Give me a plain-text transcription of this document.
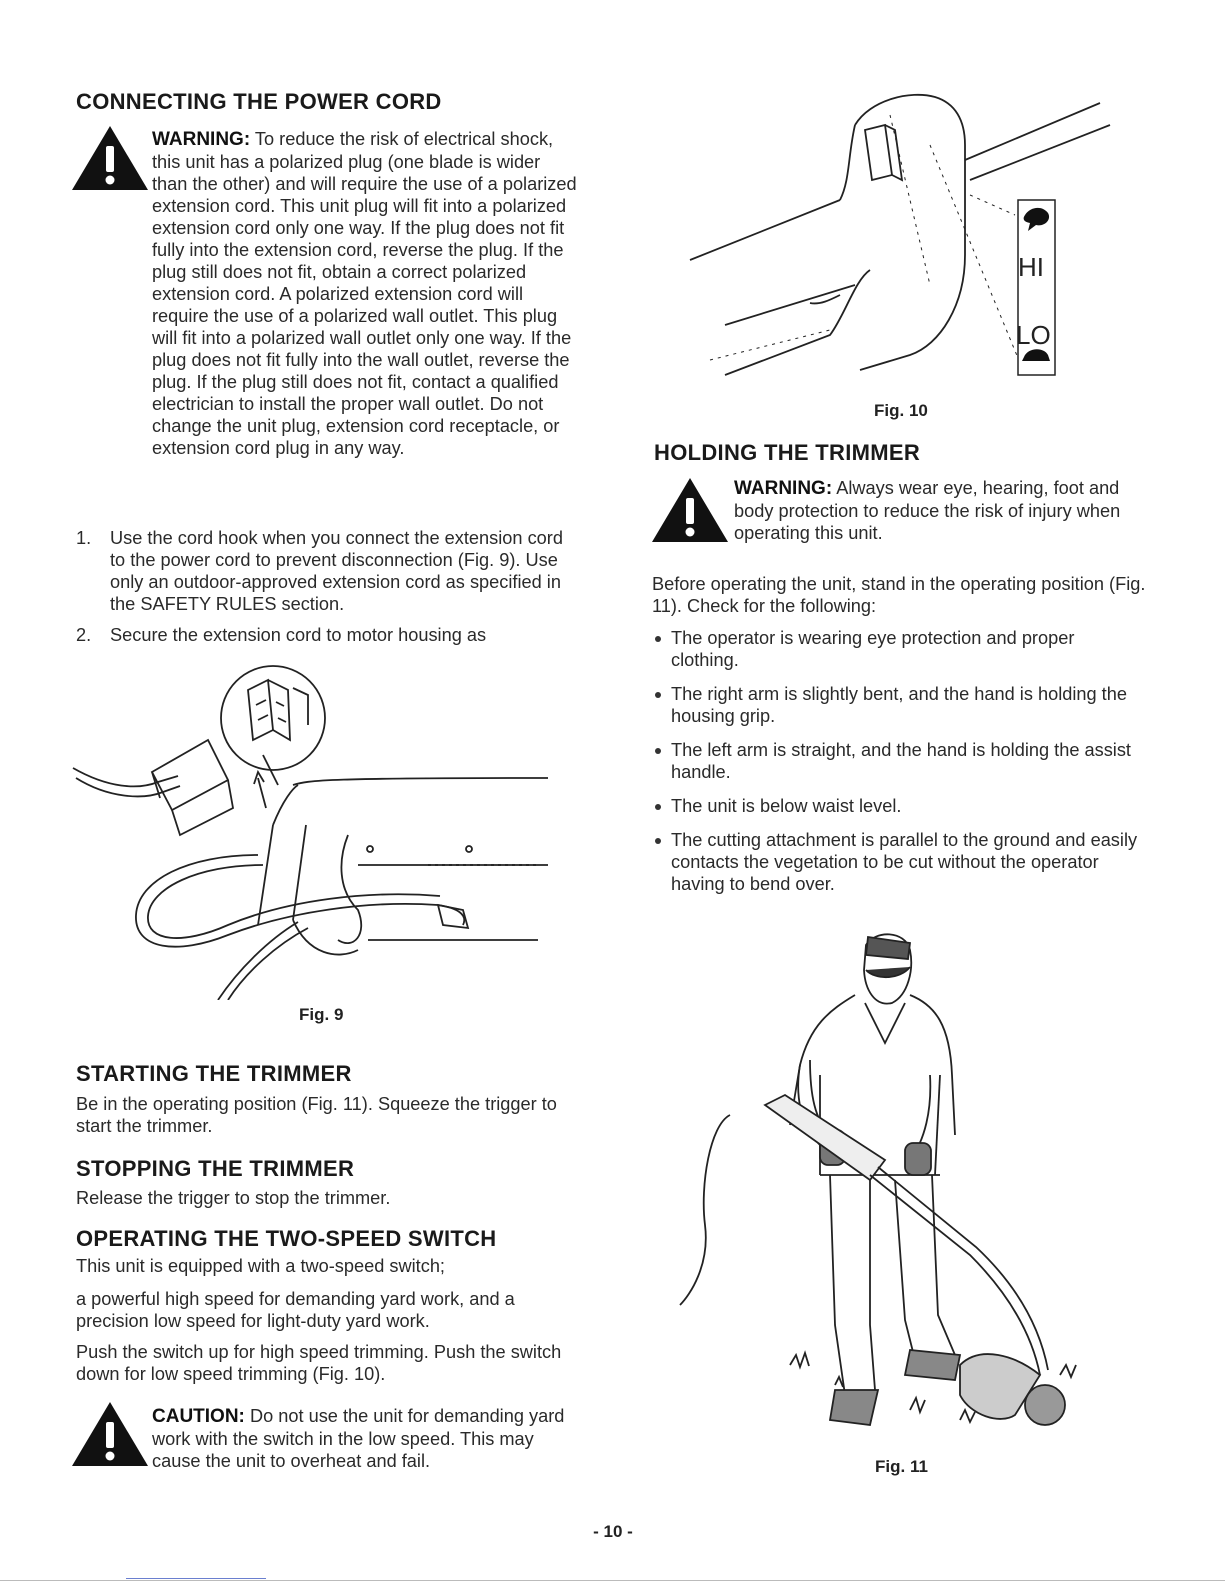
CONNECTING THE POWER CORD

WARNING: To reduce the risk of electrical shock, this unit has a polarized plug (one blade is wider than the other) and will require the use of a polarized extension cord. This unit plug will fit into a polarized extension cord only one way. If the plug does not fit fully into the extension cord, reverse the plug. If the plug still does not fit, obtain a correct polarized extension cord. A polarized extension cord will require the use of a polarized wall outlet. This plug will fit into a polarized wall outlet only one way. If the plug does not fit fully into the wall outlet, reverse the plug. If the plug still does not fit, contact a qualified electrician to install the proper wall outlet. Do not change the unit plug, extension cord receptacle, or extension cord plug in any way.

1. Use the cord hook when you connect the extension cord to the power cord to prevent disconnection (Fig. 9). Use only an outdoor-approved extension cord as specified in the SAFETY RULES section.
2. Secure the extension cord to motor housing as
Fig. 9
STARTING THE TRIMMER

Be in the operating position (Fig. 11). Squeeze the trigger to start the trimmer.

STOPPING THE TRIMMER

Release the trigger to stop the trimmer.

OPERATING THE TWO-SPEED SWITCH

This unit is equipped with a two-speed switch;

a powerful high speed for demanding yard work, and a precision low speed for light-duty yard work.

Push the switch up for high speed trimming. Push the switch down for low speed trimming (Fig. 10).

CAUTION: Do not use the unit for demanding yard work with the switch in the low speed. This may cause the unit to overheat and fail.

HI
LO
Fig. 10
HOLDING THE TRIMMER

WARNING: Always wear eye, hearing, foot and body protection to reduce the risk of injury when operating this unit.

Before operating the unit, stand in the operating position (Fig. 11). Check for the following:

The operator is wearing eye protection and proper clothing.
The right arm is slightly bent, and the hand is holding the housing grip.
The left arm is straight, and the hand is holding the assist handle.
The unit is below waist level.
The cutting attachment is parallel to the ground and easily contacts the vegetation to be cut without the operator having to bend over.
Fig. 11
- 10 -
